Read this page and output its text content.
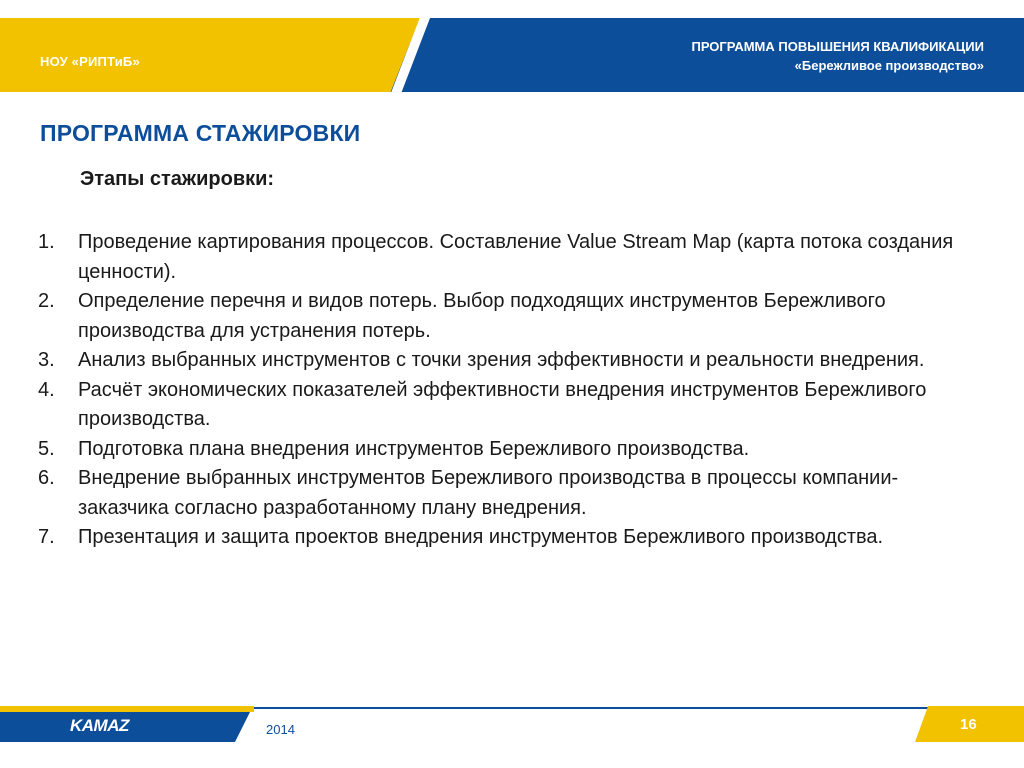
НОУ «РИПТиБ»
ПРОГРАММА ПОВЫШЕНИЯ КВАЛИФИКАЦИИ
«Бережливое производство»
ПРОГРАММА СТАЖИРОВКИ
Этапы стажировки:
1.	Проведение картирования процессов. Составление Value Stream Map (карта потока создания ценности).
2.	Определение перечня и видов потерь. Выбор подходящих инструментов Бережливого производства для устранения потерь.
3.	Анализ выбранных инструментов с точки зрения эффективности и реальности внедрения.
4.	Расчёт экономических показателей эффективности внедрения инструментов Бережливого производства.
5.	Подготовка плана внедрения инструментов Бережливого производства.
6.	Внедрение выбранных инструментов Бережливого производства в процессы компании-заказчика согласно разработанному плану внедрения.
7.	Презентация и защита проектов внедрения инструментов Бережливого производства.
KAMAZ	2014	16
